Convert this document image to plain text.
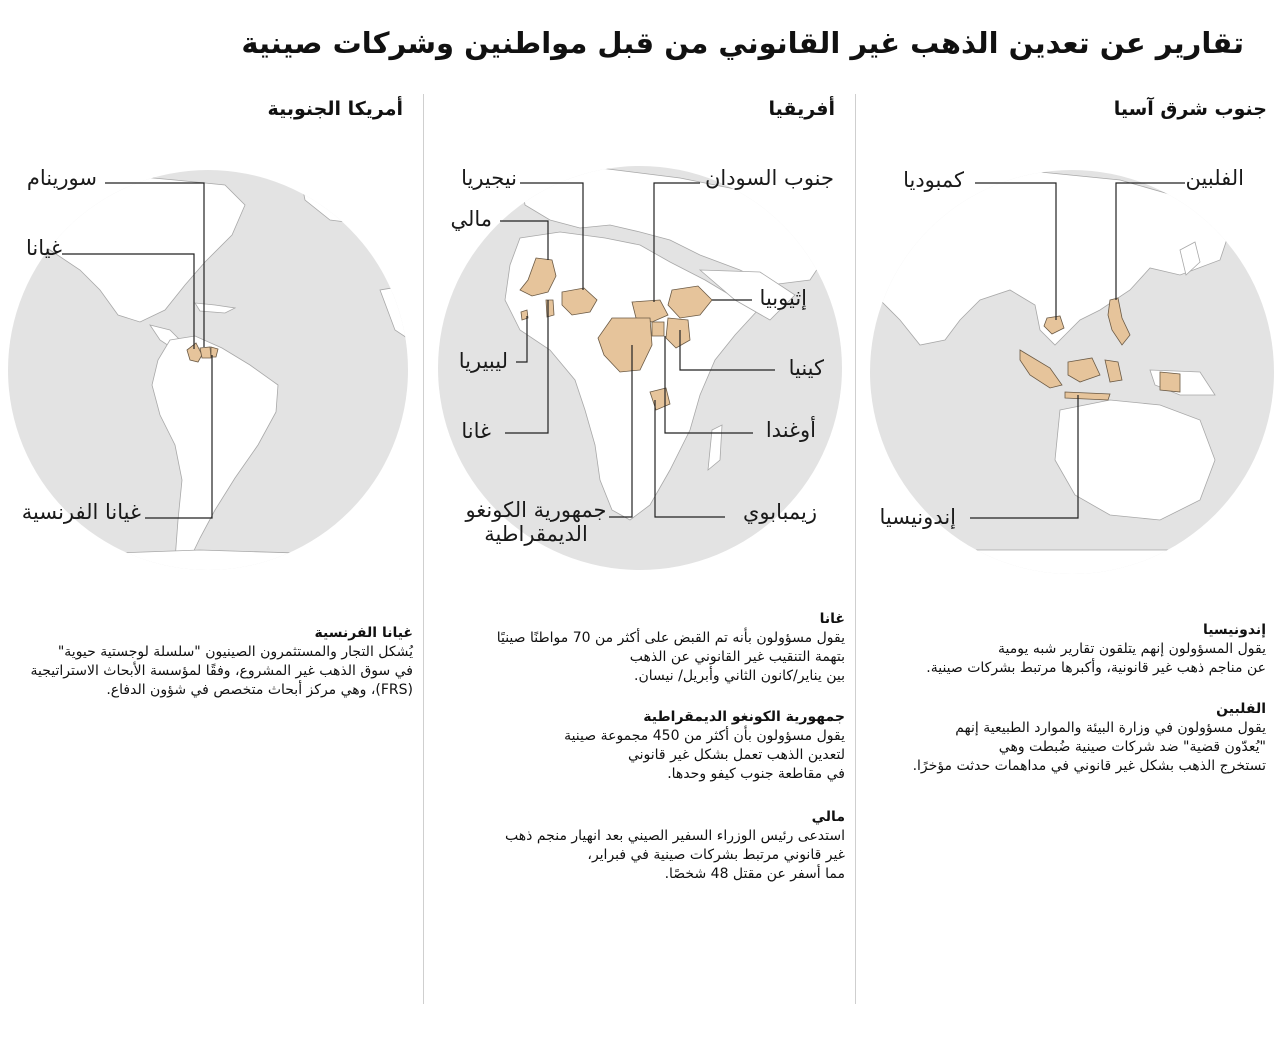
تقارير عن تعدين الذهب غير القانوني من قبل مواطنين وشركات صينية
أمريكا الجنوبية	أفريقيا	جنوب شرق آسيا
سورينام
غيانا
غيانا الفرنسية
نيجيريا
مالي
ليبيريا
غانا
جنوب السودان
إثيوبيا
كينيا
أوغندا
زيمبابوي
جمهورية الكونغو
الديمقراطية
كمبوديا	الفلبين
إندونيسيا
غيانا الفرنسية
يُشكل التجار والمستثمرون الصينيون "سلسلة لوجستية حيوية"
في سوق الذهب غير المشروع، وفقًا لمؤسسة الأبحاث الاستراتيجية
(FRS)، وهي مركز أبحاث متخصص في شؤون الدفاع.
غانا
يقول مسؤولون بأنه تم القبض على أكثر من 70 مواطنًا صينيًا
بتهمة التنقيب غير القانوني عن الذهب
بين يناير/كانون الثاني وأبريل/ نيسان.
جمهورية الكونغو الديمقراطية
يقول مسؤولون بأن أكثر من 450 مجموعة صينية
لتعدين الذهب تعمل بشكل غير قانوني
في مقاطعة جنوب كيفو وحدها.
مالي
استدعى رئيس الوزراء السفير الصيني بعد انهيار منجم ذهب
غير قانوني مرتبط بشركات صينية في فبراير،
مما أسفر عن مقتل 48 شخصًا.
إندونيسيا
يقول المسؤولون إنهم يتلقون تقارير شبه يومية
عن مناجم ذهب غير قانونية، وأكبرها مرتبط بشركات صينية.
الفلبين
يقول مسؤولون في وزارة البيئة والموارد الطبيعية إنهم
"يُعدّون قضية" ضد شركات صينية ضُبطت وهي
تستخرج الذهب بشكل غير قانوني في مداهمات حدثت مؤخرًا.
